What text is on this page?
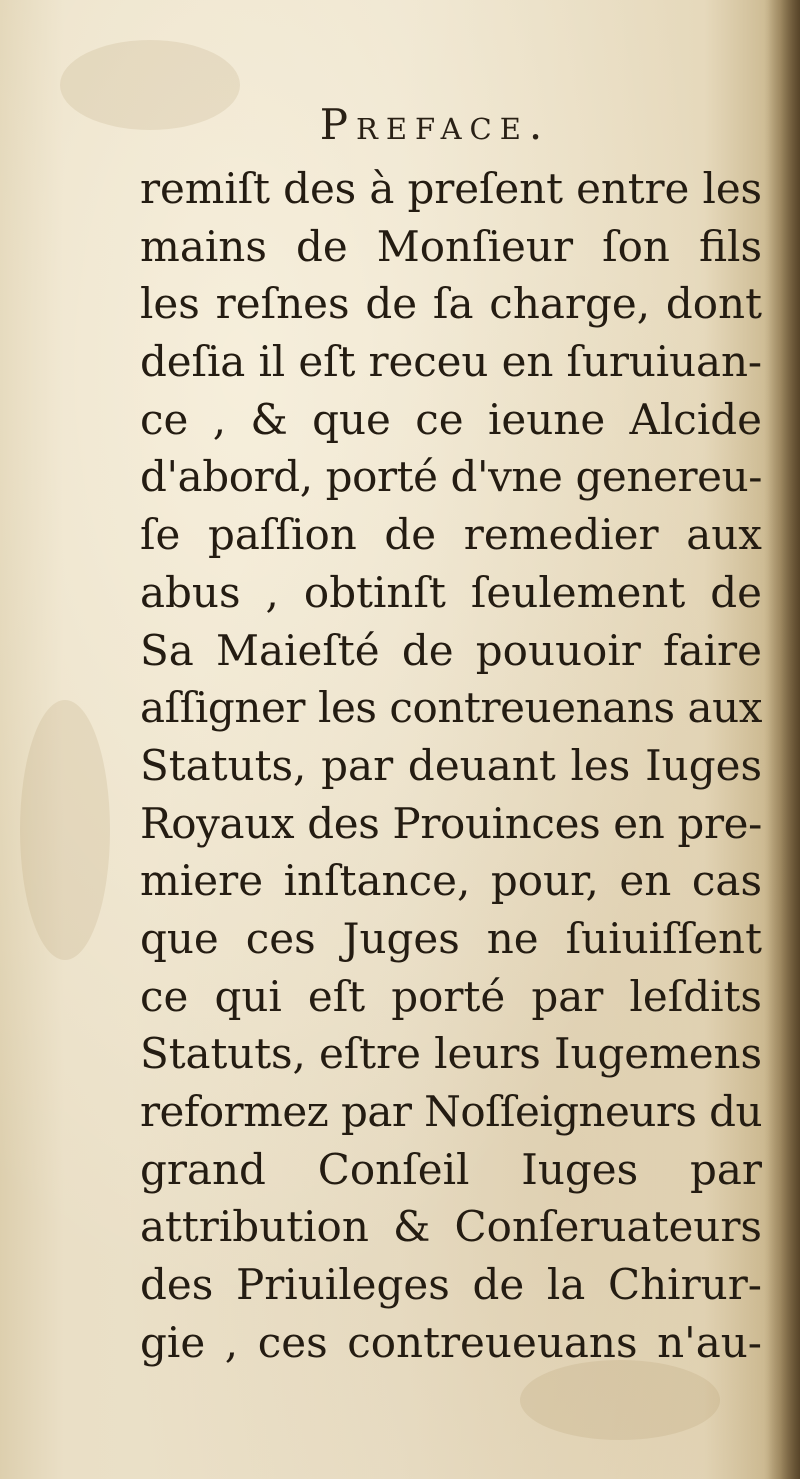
Preface.
remiſt des à preſent entre les
mains de Monſieur ſon fils
les reſnes de ſa charge, dont
deſia il eſt receu en ſuruiuan-
ce , & que ce ieune Alcide
d'abord, porté d'vne genereu-
ſe paſſion de remedier aux
abus , obtinſt ſeulement de
Sa Maieſté de pouuoir faire
aſſigner les contreuenans aux
Statuts, par deuant les Iuges
Royaux des Prouinces en pre-
miere inſtance, pour, en cas
que ces Juges ne ſuiuiſſent
ce qui eſt porté par leſdits
Statuts, eſtre leurs Iugemens
reformez par Noſſeigneurs du
grand Conſeil Iuges par
attribution & Conſeruateurs
des Priuileges de la Chirur-
gie , ces contreueuans n'au-
